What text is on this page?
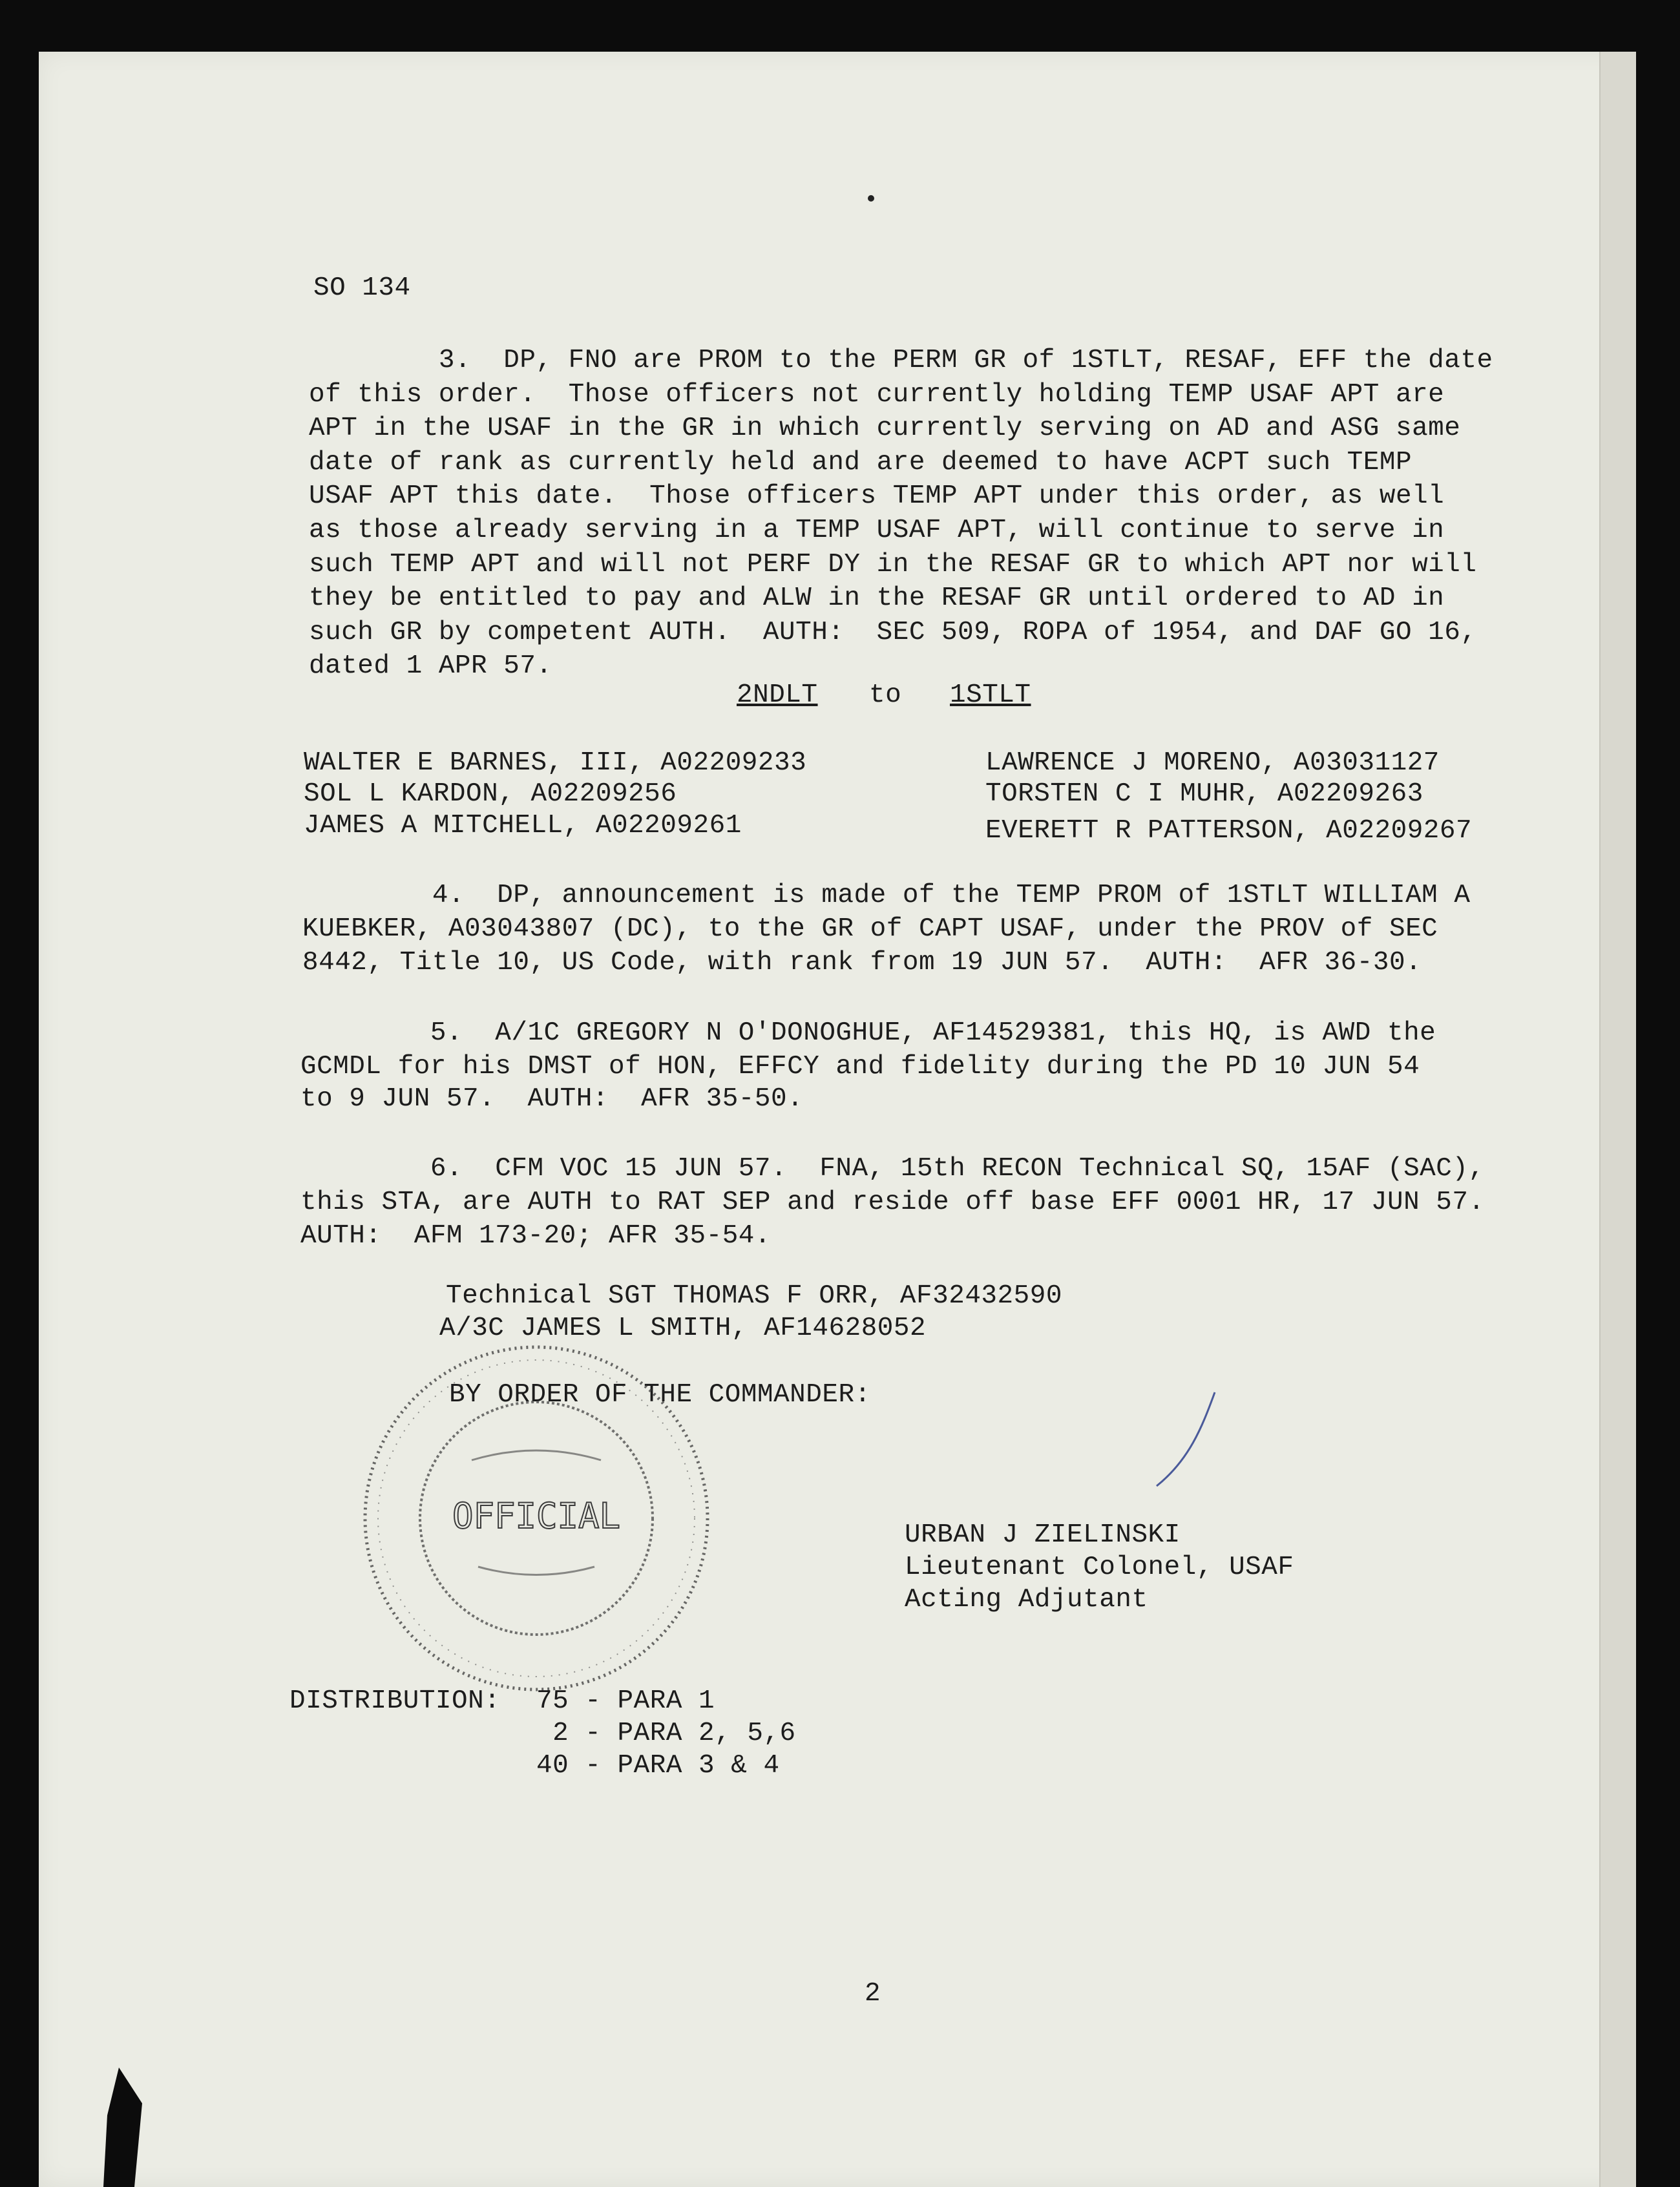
SO 134
3.  DP, FNO are PROM to the PERM GR of 1STLT, RESAF, EFF the date
of this order.  Those officers not currently holding TEMP USAF APT are
APT in the USAF in the GR in which currently serving on AD and ASG same
date of rank as currently held and are deemed to have ACPT such TEMP
USAF APT this date.  Those officers TEMP APT under this order, as well
as those already serving in a TEMP USAF APT, will continue to serve in
such TEMP APT and will not PERF DY in the RESAF GR to which APT nor will
they be entitled to pay and ALW in the RESAF GR until ordered to AD in
such GR by competent AUTH.  AUTH:  SEC 509, ROPA of 1954, and DAF GO 16,
dated 1 APR 57.
2NDLT to 1STLT
WALTER E BARNES, III, A02209233
SOL L KARDON, A02209256
JAMES A MITCHELL, A02209261
LAWRENCE J MORENO, A03031127
TORSTEN C I MUHR, A02209263
EVERETT R PATTERSON, A02209267
4.  DP, announcement is made of the TEMP PROM of 1STLT WILLIAM A
KUEBKER, A03043807 (DC), to the GR of CAPT USAF, under the PROV of SEC
8442, Title 10, US Code, with rank from 19 JUN 57.  AUTH:  AFR 36-30.
5.  A/1C GREGORY N O'DONOGHUE, AF14529381, this HQ, is AWD the
GCMDL for his DMST of HON, EFFCY and fidelity during the PD 10 JUN 54
to 9 JUN 57.  AUTH:  AFR 35-50.
6.  CFM VOC 15 JUN 57.  FNA, 15th RECON Technical SQ, 15AF (SAC),
this STA, are AUTH to RAT SEP and reside off base EFF 0001 HR, 17 JUN 57.
AUTH:  AFM 173-20; AFR 35-54.
Technical SGT THOMAS F ORR, AF32432590
A/3C JAMES L SMITH, AF14628052
BY ORDER OF THE COMMANDER:
OFFICIAL	URBAN J ZIELINSKI
Lieutenant Colonel, USAF
Acting Adjutant
DISTRIBUTION: 75 - PARA 1
2 - PARA 2, 5,6
40 - PARA 3 & 4
2
